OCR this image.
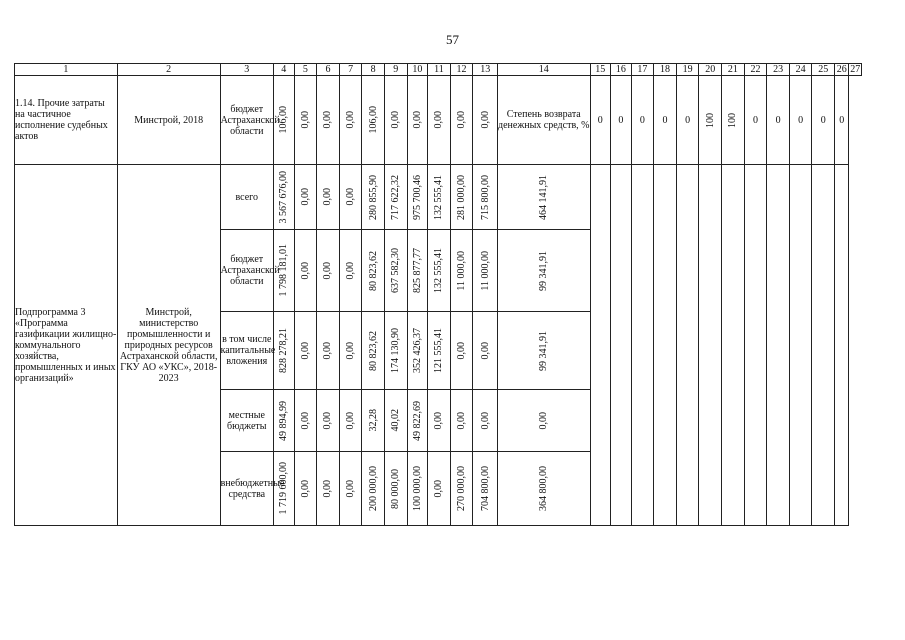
57
1	2	3	4	5	6	7	8	9	10	11	12	13	14	15	16	17	18	19	20	21	22	23	24	25	26	27
1.14. Прочие затраты на частичное исполнение судебных актов	Минстрой, 2018	бюджет Астраханской области	106,00	0,00	0,00	0,00	106,00	0,00	0,00	0,00	0,00	0,00	Степень возврата денежных средств, %	0	0	0	0	0	100	100	0	0	0	0	0	
Подпрограмма 3 «Программа газификации жилищно-коммунального хозяйства, промышленных и иных организаций»	Минстрой, министерство промышленности и природных ресурсов Астраханской области, ГКУ АО «УКС», 2018-2023	всего	3 567 676,00	0,00	0,00	0,00	280 855,90	717 622,32	975 700,46	132 555,41	281 000,00	715 800,00	464 141,91													

		бюджет Астраханской области	1 798 181,01	0,00	0,00	0,00	80 823,62	637 582,30	825 877,77	132 555,41	11 000,00	11 000,00	99 341,91													

		в том числе капитальные вложения	828 278,21	0,00	0,00	0,00	80 823,62	174 130,90	352 426,37	121 555,41	0,00	0,00	99 341,91													

		местные бюджеты	49 894,99	0,00	0,00	0,00	32,28	40,02	49 822,69	0,00	0,00	0,00	0,00													

		внебюджетные средства	1 719 600,00	0,00	0,00	0,00	200 000,00	80 000,00	100 000,00	0,00	270 000,00	704 800,00	364 800,00													
